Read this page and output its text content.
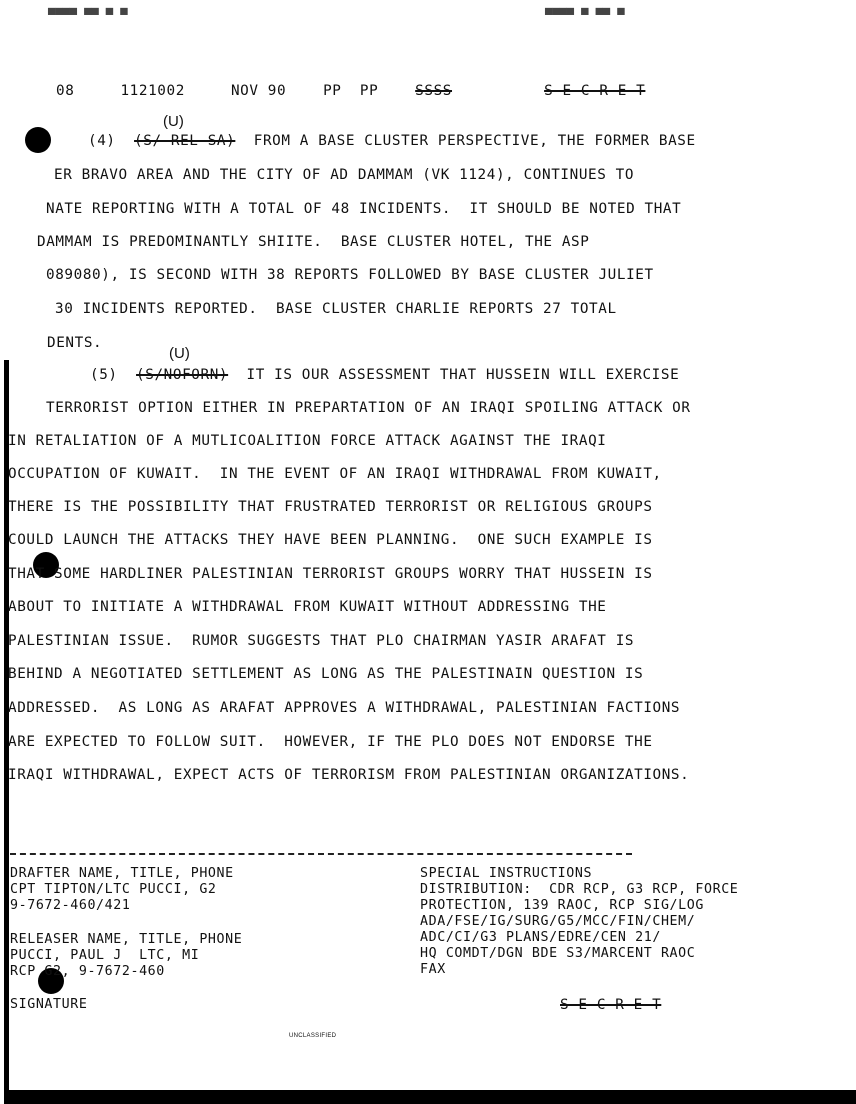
▀▀▀▀ ▀▀ ▀ ▀	▀▀▀▀ ▀ ▀▀ ▀

08	1121002	NOV 90	PP PP	SSSS	S E C R E T

(U)
(4) (S/ REL SA) FROM A BASE CLUSTER PERSPECTIVE, THE FORMER BASE
ER BRAVO AREA AND THE CITY OF AD DAMMAM (VK 1124), CONTINUES TO
NATE REPORTING WITH A TOTAL OF 48 INCIDENTS.  IT SHOULD BE NOTED THAT
DAMMAM IS PREDOMINANTLY SHIITE.  BASE CLUSTER HOTEL, THE ASP
089080), IS SECOND WITH 38 REPORTS FOLLOWED BY BASE CLUSTER JULIET
30 INCIDENTS REPORTED.  BASE CLUSTER CHARLIE REPORTS 27 TOTAL
DENTS.
(U)
(5) (S/NOFORN) IT IS OUR ASSESSMENT THAT HUSSEIN WILL EXERCISE
TERRORIST OPTION EITHER IN PREPARTATION OF AN IRAQI SPOILING ATTACK OR
IN RETALIATION OF A MUTLICOALITION FORCE ATTACK AGAINST THE IRAQI
OCCUPATION OF KUWAIT.  IN THE EVENT OF AN IRAQI WITHDRAWAL FROM KUWAIT,
THERE IS THE POSSIBILITY THAT FRUSTRATED TERRORIST OR RELIGIOUS GROUPS
COULD LAUNCH THE ATTACKS THEY HAVE BEEN PLANNING.  ONE SUCH EXAMPLE IS
THAT SOME HARDLINER PALESTINIAN TERRORIST GROUPS WORRY THAT HUSSEIN IS
ABOUT TO INITIATE A WITHDRAWAL FROM KUWAIT WITHOUT ADDRESSING THE
PALESTINIAN ISSUE.  RUMOR SUGGESTS THAT PLO CHAIRMAN YASIR ARAFAT IS
BEHIND A NEGOTIATED SETTLEMENT AS LONG AS THE PALESTINAIN QUESTION IS
ADDRESSED.  AS LONG AS ARAFAT APPROVES A WITHDRAWAL, PALESTINIAN FACTIONS
ARE EXPECTED TO FOLLOW SUIT.  HOWEVER, IF THE PLO DOES NOT ENDORSE THE
IRAQI WITHDRAWAL, EXPECT ACTS OF TERRORISM FROM PALESTINIAN ORGANIZATIONS.
DRAFTER NAME, TITLE, PHONE
CPT TIPTON/LTC PUCCI, G2
9-7672-460/421
RELEASER NAME, TITLE, PHONE
PUCCI, PAUL J  LTC, MI
RCP G2, 9-7672-460
SIGNATURE
SPECIAL INSTRUCTIONS
DISTRIBUTION:  CDR RCP, G3 RCP, FORCE
PROTECTION, 139 RAOC, RCP SIG/LOG
ADA/FSE/IG/SURG/G5/MCC/FIN/CHEM/
ADC/CI/G3 PLANS/EDRE/CEN 21/
HQ COMDT/DGN BDE S3/MARCENT RAOC
FAX
S E C R E T
UNCLASSIFIED
